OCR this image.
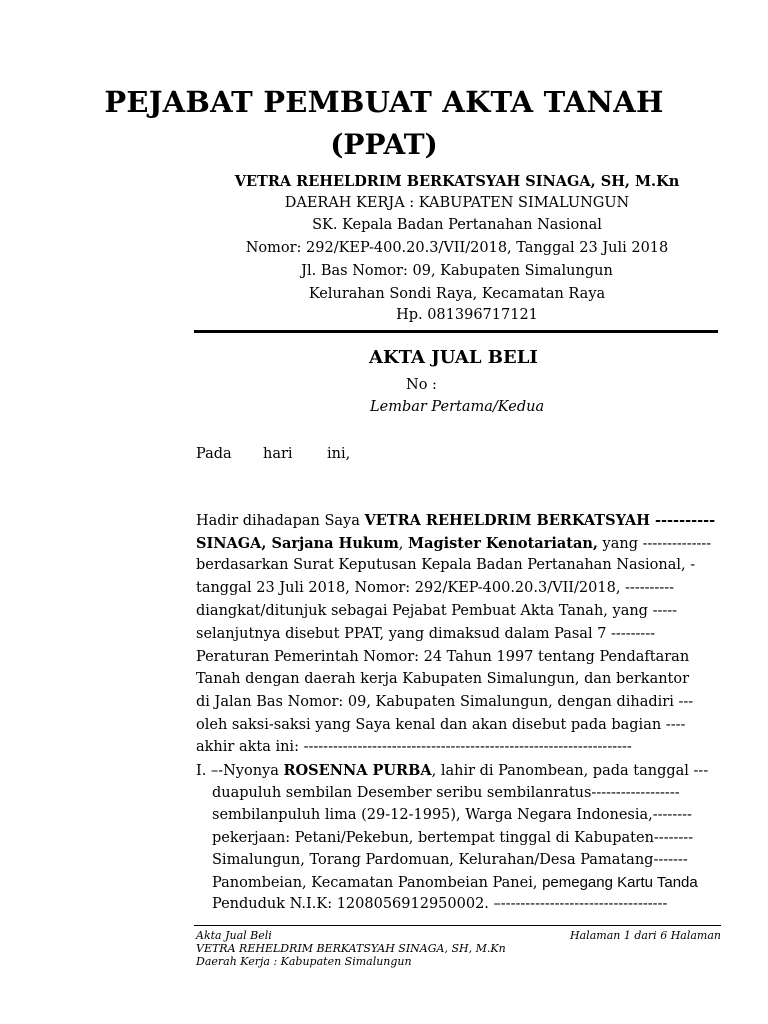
PEJABAT PEMBUAT AKTA TANAH
(PPAT)
VETRA REHELDRIM BERKATSYAH SINAGA, SH, M.Kn
DAERAH KERJA : KABUPATEN SIMALUNGUN
SK. Kepala Badan Pertanahan Nasional
Nomor: 292/KEP-400.20.3/VII/2018, Tanggal 23 Juli 2018
Jl. Bas Nomor: 09, Kabupaten Simalungun
Kelurahan Sondi Raya, Kecamatan Raya
Hp. 081396717121
AKTA JUAL BELI
No :
Lembar Pertama/Kedua
Pada hari ini,
Hadir dihadapan Saya VETRA REHELDRIM BERKATSYAH ----------
SINAGA, Sarjana Hukum, Magister Kenotariatan, yang --------------
berdasarkan Surat Keputusan Kepala Badan Pertanahan Nasional, -
tanggal 23 Juli 2018, Nomor: 292/KEP-400.20.3/VII/2018, ----------
diangkat/ditunjuk sebagai Pejabat Pembuat Akta Tanah, yang -----
selanjutnya disebut PPAT, yang dimaksud dalam Pasal 7 ---------
Peraturan Pemerintah Nomor: 24 Tahun 1997 tentang Pendaftaran
Tanah dengan daerah kerja Kabupaten Simalungun, dan berkantor
di Jalan Bas Nomor: 09, Kabupaten Simalungun, dengan dihadiri ---
oleh saksi-saksi yang Saya kenal dan akan disebut pada bagian ----
akhir akta ini: -------------------------------------------------------------------
I. –-Nyonya ROSENNA PURBA, lahir di Panombean, pada tanggal ---
duapuluh sembilan Desember seribu sembilanratus------------------
sembilanpuluh lima (29-12-1995), Warga Negara Indonesia,--------
pekerjaan: Petani/Pekebun, bertempat tinggal di Kabupaten--------
Simalungun, Torang Pardomuan, Kelurahan/Desa Pamatang-------
Panombeian, Kecamatan Panombeian Panei, pemegang Kartu Tanda
Penduduk N.I.K: 1208056912950002. –----------------------------------
Akta Jual Beli
VETRA REHELDRIM BERKATSYAH SINAGA, SH, M.Kn
Daerah Kerja : Kabupaten Simalungun
Halaman 1 dari 6 Halaman
